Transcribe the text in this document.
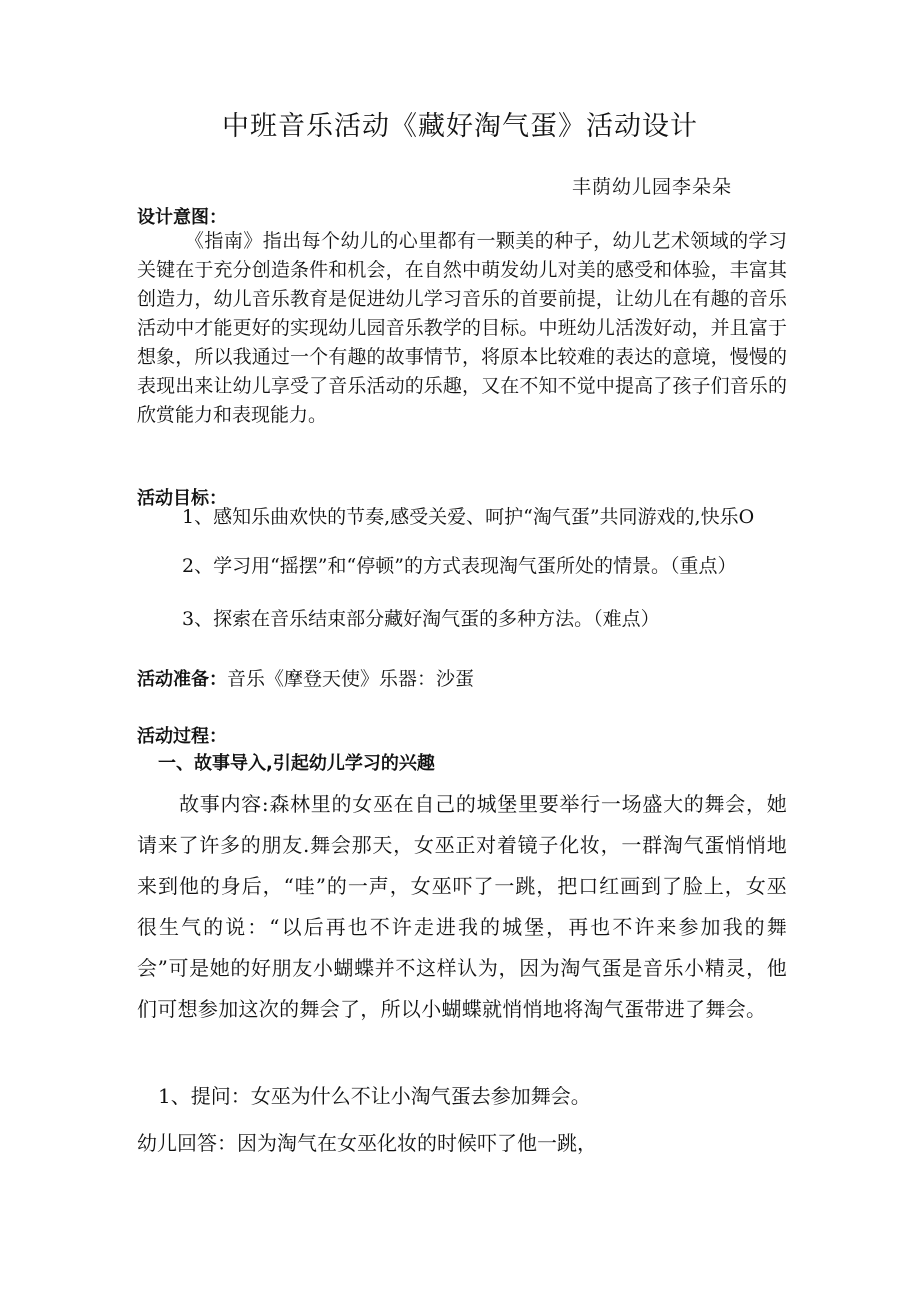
中班音乐活动《藏好淘气蛋》活动设计
丰荫幼儿园李朵朵
设计意图：

《指南》指出每个幼儿的心里都有一颗美的种子，幼儿艺术领域的学习关键在于充分创造条件和机会，在自然中萌发幼儿对美的感受和体验，丰富其创造力，幼儿音乐教育是促进幼儿学习音乐的首要前提，让幼儿在有趣的音乐活动中才能更好的实现幼儿园音乐教学的目标。中班幼儿活泼好动，并且富于想象，所以我通过一个有趣的故事情节，将原本比较难的表达的意境，慢慢的表现出来让幼儿享受了音乐活动的乐趣，又在不知不觉中提高了孩子们音乐的欣赏能力和表现能力。

活动目标：

1、感知乐曲欢快的节奏,感受关爱、呵护“淘气蛋”共同游戏的,快乐O

2、学习用“摇摆”和“停顿”的方式表现淘气蛋所处的情景。（重点）

3、探索在音乐结束部分藏好淘气蛋的多种方法。（难点）

活动准备：音乐《摩登天使》乐器：沙蛋
活动过程：
一、故事导入,引起幼儿学习的兴趣

故事内容:森林里的女巫在自己的城堡里要举行一场盛大的舞会，她请来了许多的朋友.舞会那天，女巫正对着镜子化妆，一群淘气蛋悄悄地来到他的身后，“哇”的一声，女巫吓了一跳，把口红画到了脸上，女巫很生气的说：“以后再也不许走进我的城堡，再也不许来参加我的舞会”可是她的好朋友小蝴蝶并不这样认为，因为淘气蛋是音乐小精灵，他们可想参加这次的舞会了，所以小蝴蝶就悄悄地将淘气蛋带进了舞会。

1、提问：女巫为什么不让小淘气蛋去参加舞会。
幼儿回答：因为淘气在女巫化妆的时候吓了他一跳，
